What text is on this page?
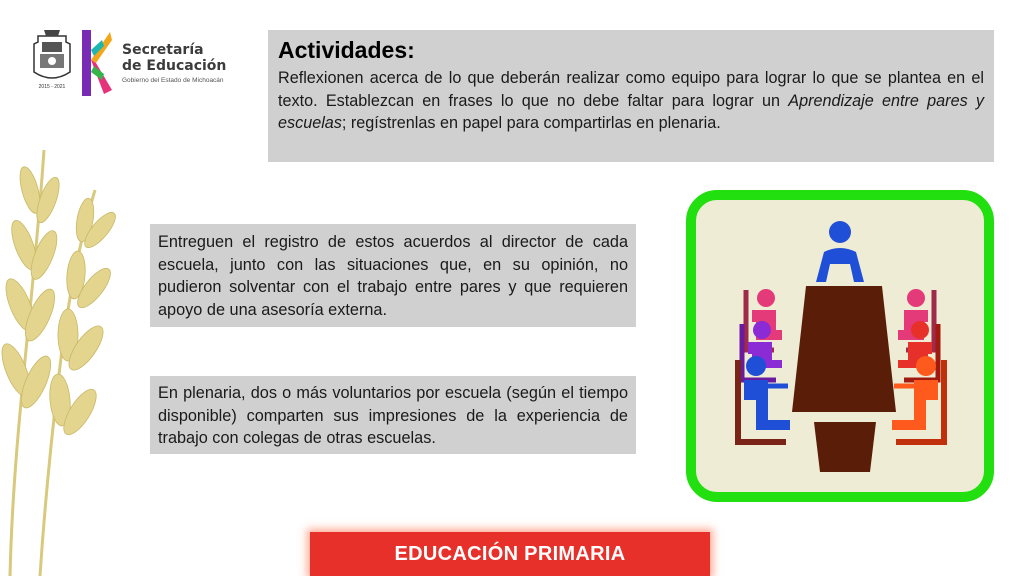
2015 - 2021
Secretaría
de Educación
Gobierno del Estado de Michoacán
Actividades:

Reflexionen acerca de lo que deberán realizar como equipo para lograr lo que se plantea en el texto. Establezcan en frases lo que no debe faltar para lograr un Aprendizaje entre pares y escuelas; regístrenlas en papel para compartirlas en plenaria.

Entreguen el registro de estos acuerdos al director de cada escuela, junto con las situaciones que, en su opinión, no pudieron solventar con el trabajo entre pares y que requieren apoyo de una asesoría externa.

En plenaria, dos o más voluntarios por escuela (según el tiempo disponible) comparten sus impresiones de la experiencia de trabajo con colegas de otras escuelas.

EDUCACIÓN PRIMARIA
